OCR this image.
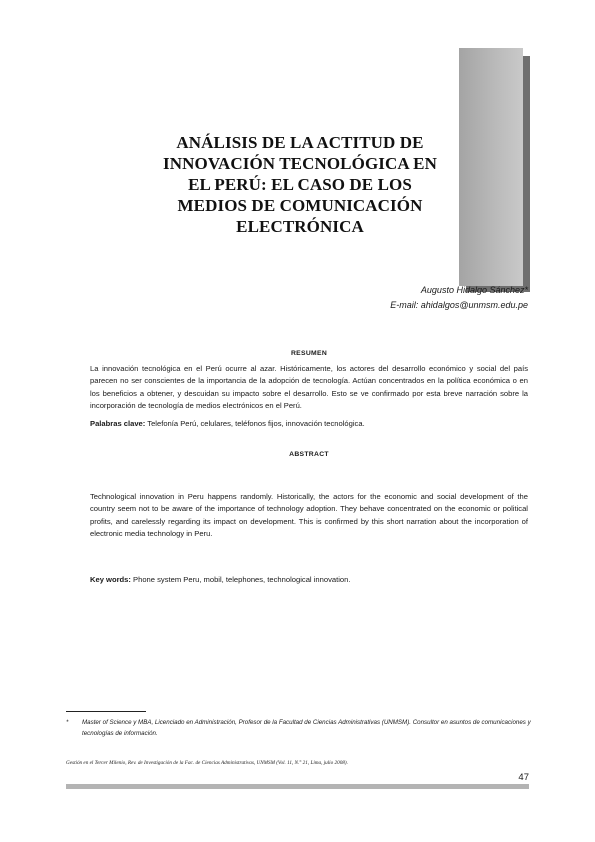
ANÁLISIS DE LA ACTITUD DE
INNOVACIÓN TECNOLÓGICA EN
EL PERÚ: EL CASO DE LOS
MEDIOS DE COMUNICACIÓN
ELECTRÓNICA
Augusto Hidalgo Sánchez*
E-mail: ahidalgos@unmsm.edu.pe
RESUMEN
La innovación tecnológica en el Perú ocurre al azar. Históricamente, los actores del desarrollo económico y social del país parecen no ser conscientes de la importancia de la adopción de tecnología. Actúan concentrados en la política económica o en los beneficios a obtener, y descuidan su impacto sobre el desarrollo. Esto se ve confirmado por esta breve narración sobre la incorporación de tecnología de medios electrónicos en el Perú.
Palabras clave: Telefonía Perú, celulares, teléfonos fijos, innovación tecnológica.
ABSTRACT
Technological innovation in Peru happens randomly. Historically, the actors for the economic and social development of the country seem not to be aware of the importance of technology adoption. They behave concentrated on the economic or political profits, and carelessly regarding its impact on development. This is confirmed by this short narration about the incorporation of electronic media technology in Peru.
Key words: Phone system Peru, mobil, telephones, technological innovation.
* Master of Science y MBA, Licenciado en Administración, Profesor de la Facultad de Ciencias Administrativas (UNMSM). Consultor en asuntos de comunicaciones y tecnologías de información.
Gestión en el Tercer Milenio, Rev. de Investigación de la Fac. de Ciencias Administrativas, UNMSM (Vol. 11, N.° 21, Lima, julio 2008).
47
